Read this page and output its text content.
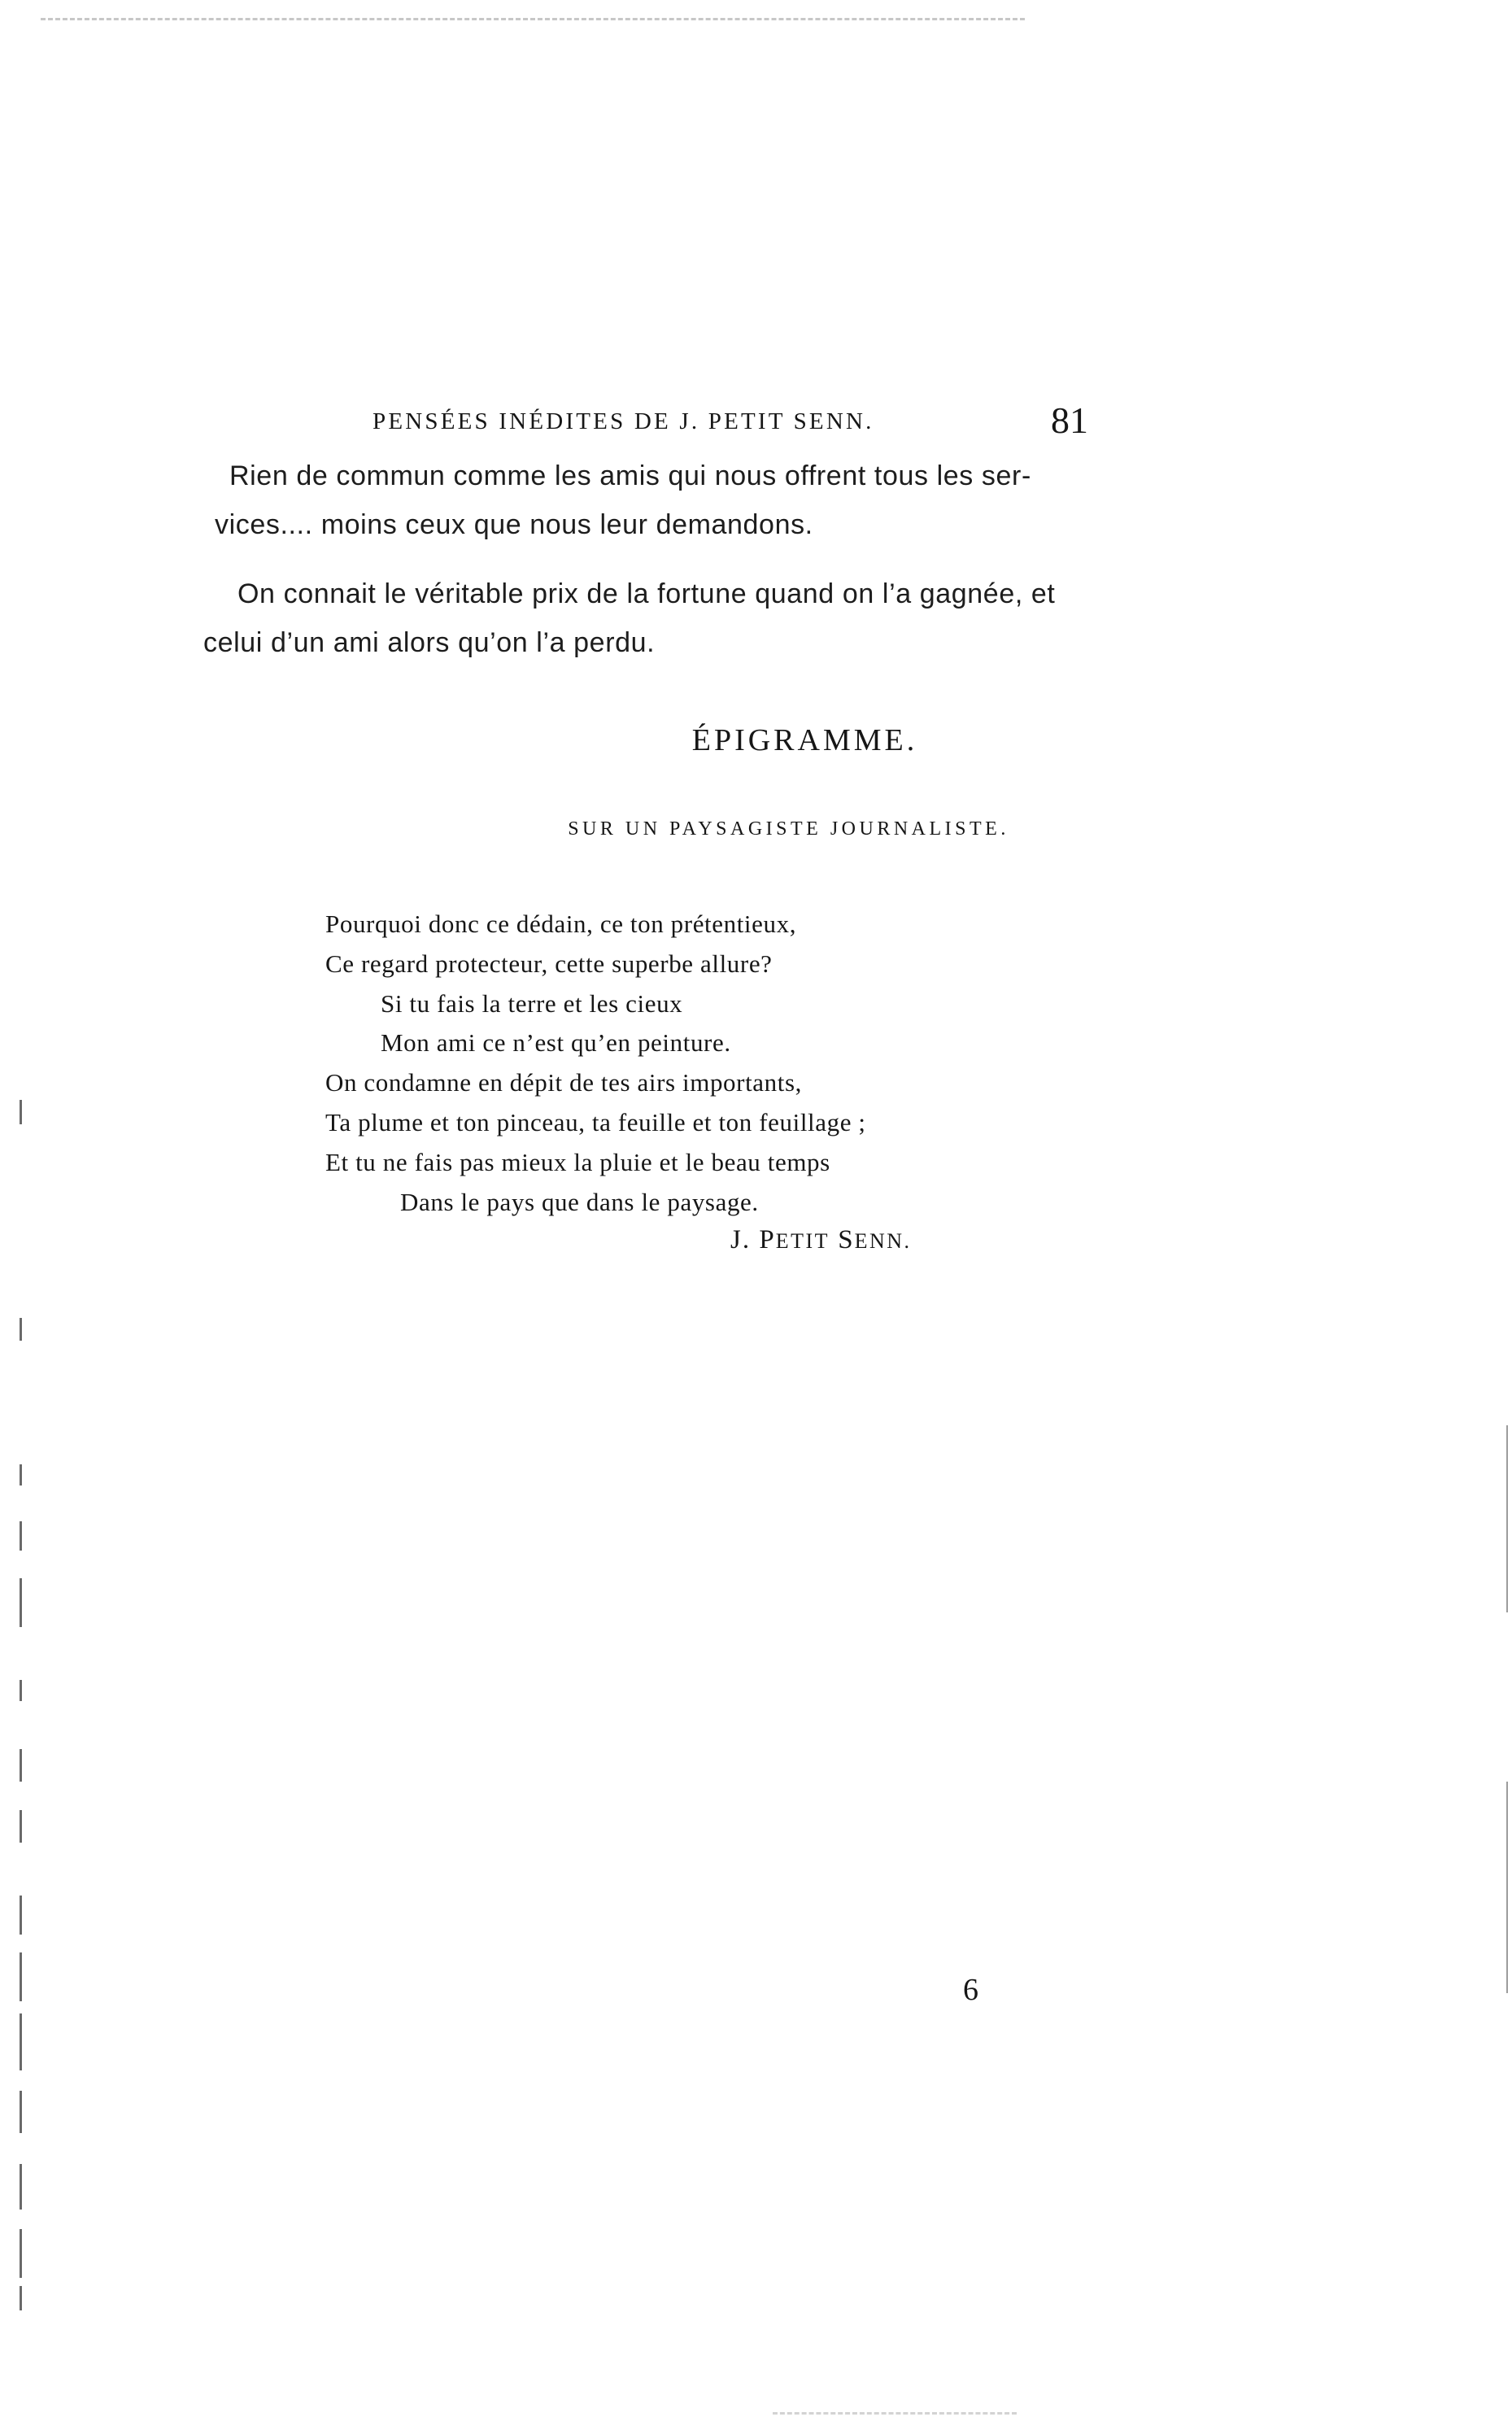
PENSÉES INÉDITES DE J. PETIT SENN.	81
Rien de commun comme les amis qui nous offrent tous les ser-
vices.... moins ceux que nous leur demandons.
On connait le véritable prix de la fortune quand on l’a gagnée, et
celui d’un ami alors qu’on l’a perdu.
ÉPIGRAMME.
SUR UN PAYSAGISTE JOURNALISTE.
Pourquoi donc ce dédain, ce ton prétentieux,
Ce regard protecteur, cette superbe allure?
Si tu fais la terre et les cieux
Mon ami ce n’est qu’en peinture.
On condamne en dépit de tes airs importants,
Ta plume et ton pinceau, ta feuille et ton feuillage ;
Et tu ne fais pas mieux la pluie et le beau temps
Dans le pays que dans le paysage.
J. PETIT SENN.
6
